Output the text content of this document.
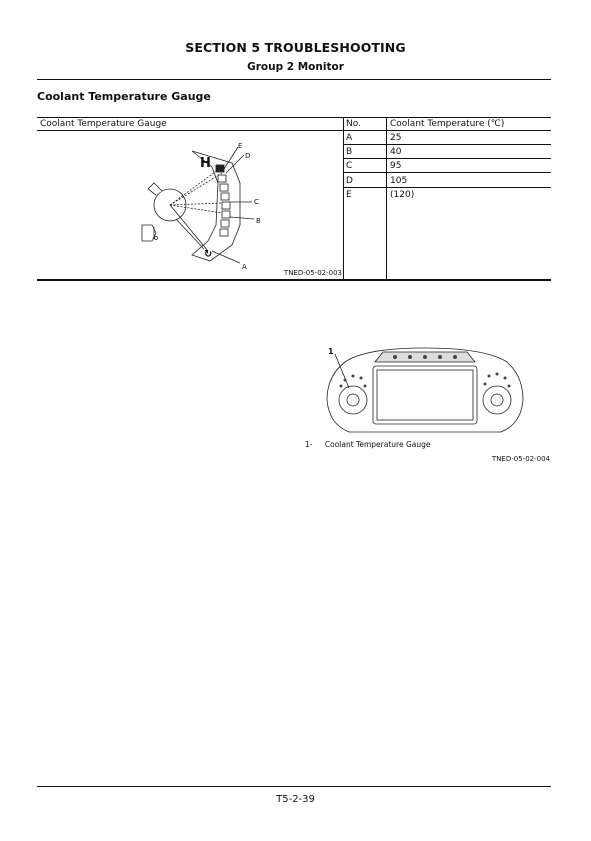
SECTION 5 TROUBLESHOOTING
Group 2 Monitor
Coolant Temperature Gauge
Coolant Temperature Gauge	No.	Coolant Temperature (℃)
A	25
B	40
C	95
D	105
E	(120)
H
↻
E
D
C
B
A
TNED-05-02-003
1
1- Coolant Temperature Gauge
TNED-05-02-004
T5-2-39
